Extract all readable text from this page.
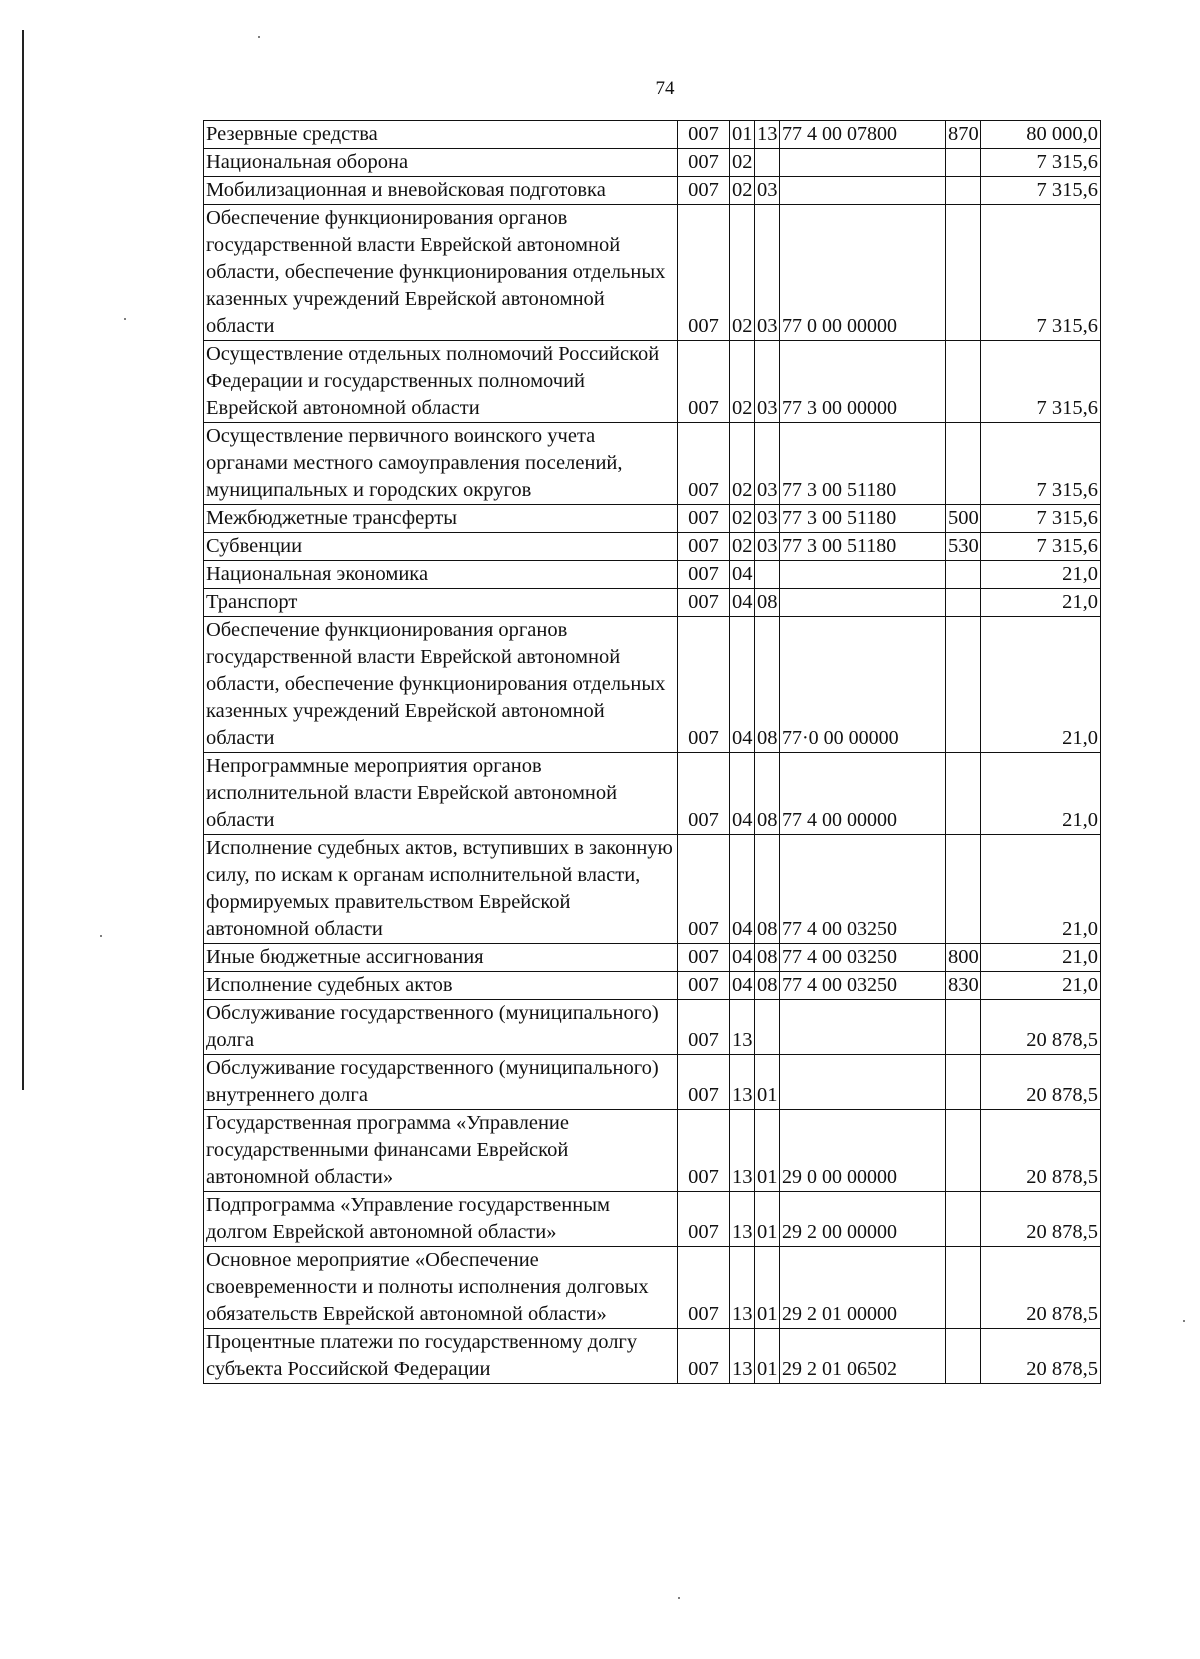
74
Резервные средства	007	01	13	77 4 00 07800	870	80 000,0
Национальная оборона	007	02				7 315,6
Мобилизационная и вневойсковая подготовка	007	02	03			7 315,6
Обеспечение функционирования органов государственной власти Еврейской автономной области, обеспечение функционирования отдельных казенных учреждений Еврейской автономной области	007	02	03	77 0 00 00000		7 315,6
Осуществление отдельных полномочий Российской Федерации и государственных полномочий Еврейской автономной области	007	02	03	77 3 00 00000		7 315,6
Осуществление первичного воинского учета органами местного самоуправления поселений, муниципальных и городских округов	007	02	03	77 3 00 51180		7 315,6
Межбюджетные трансферты	007	02	03	77 3 00 51180	500	7 315,6
Субвенции	007	02	03	77 3 00 51180	530	7 315,6
Национальная экономика	007	04				21,0
Транспорт	007	04	08			21,0
Обеспечение функционирования органов государственной власти Еврейской автономной области, обеспечение функционирования отдельных казенных учреждений Еврейской автономной области	007	04	08	77·0 00 00000		21,0
Непрограммные мероприятия органов исполнительной власти Еврейской автономной области	007	04	08	77 4 00 00000		21,0
Исполнение судебных актов, вступивших в законную силу, по искам к органам исполнительной власти, формируемых правительством Еврейской автономной области	007	04	08	77 4 00 03250		21,0
Иные бюджетные ассигнования	007	04	08	77 4 00 03250	800	21,0
Исполнение судебных актов	007	04	08	77 4 00 03250	830	21,0
Обслуживание государственного (муниципального) долга	007	13				20 878,5
Обслуживание государственного (муниципального) внутреннего долга	007	13	01			20 878,5
Государственная программа «Управление государственными финансами Еврейской автономной области»	007	13	01	29 0 00 00000		20 878,5
Подпрограмма «Управление государственным долгом Еврейской автономной области»	007	13	01	29 2 00 00000		20 878,5
Основное мероприятие «Обеспечение своевременности и полноты исполнения долговых обязательств Еврейской автономной области»	007	13	01	29 2 01 00000		20 878,5
Процентные платежи по государственному долгу субъекта Российской Федерации	007	13	01	29 2 01 06502		20 878,5
